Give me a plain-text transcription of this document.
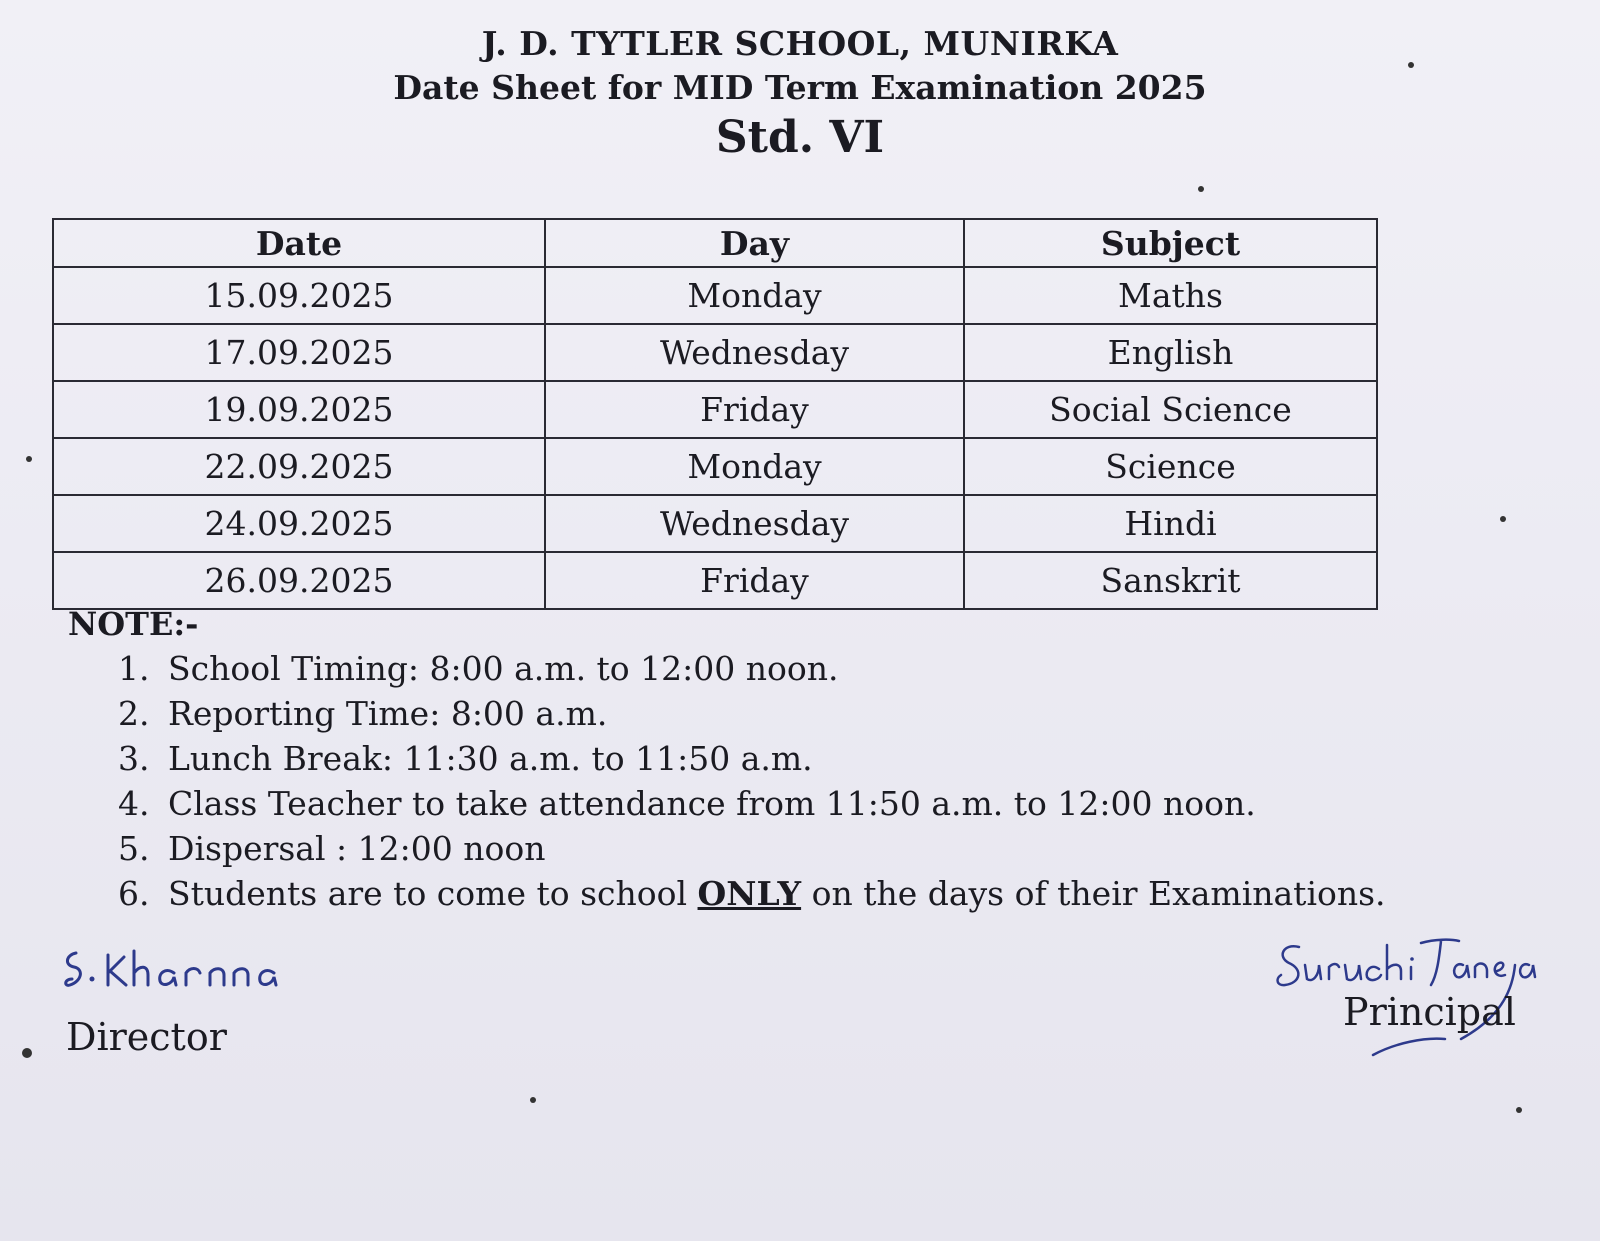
J. D. TYTLER SCHOOL, MUNIRKA
Date Sheet for MID Term Examination 2025
Std. VI
Date	Day	Subject
15.09.2025	Monday	Maths
17.09.2025	Wednesday	English
19.09.2025	Friday	Social Science
22.09.2025	Monday	Science
24.09.2025	Wednesday	Hindi
26.09.2025	Friday	Sanskrit
NOTE:-
1. School Timing: 8:00 a.m. to 12:00 noon.
2. Reporting Time: 8:00 a.m.
3. Lunch Break: 11:30 a.m. to 11:50 a.m.
4. Class Teacher to take attendance from 11:50 a.m. to 12:00 noon.
5. Dispersal : 12:00 noon
6. Students are to come to school ONLY on the days of their Examinations.
Director
Principal
